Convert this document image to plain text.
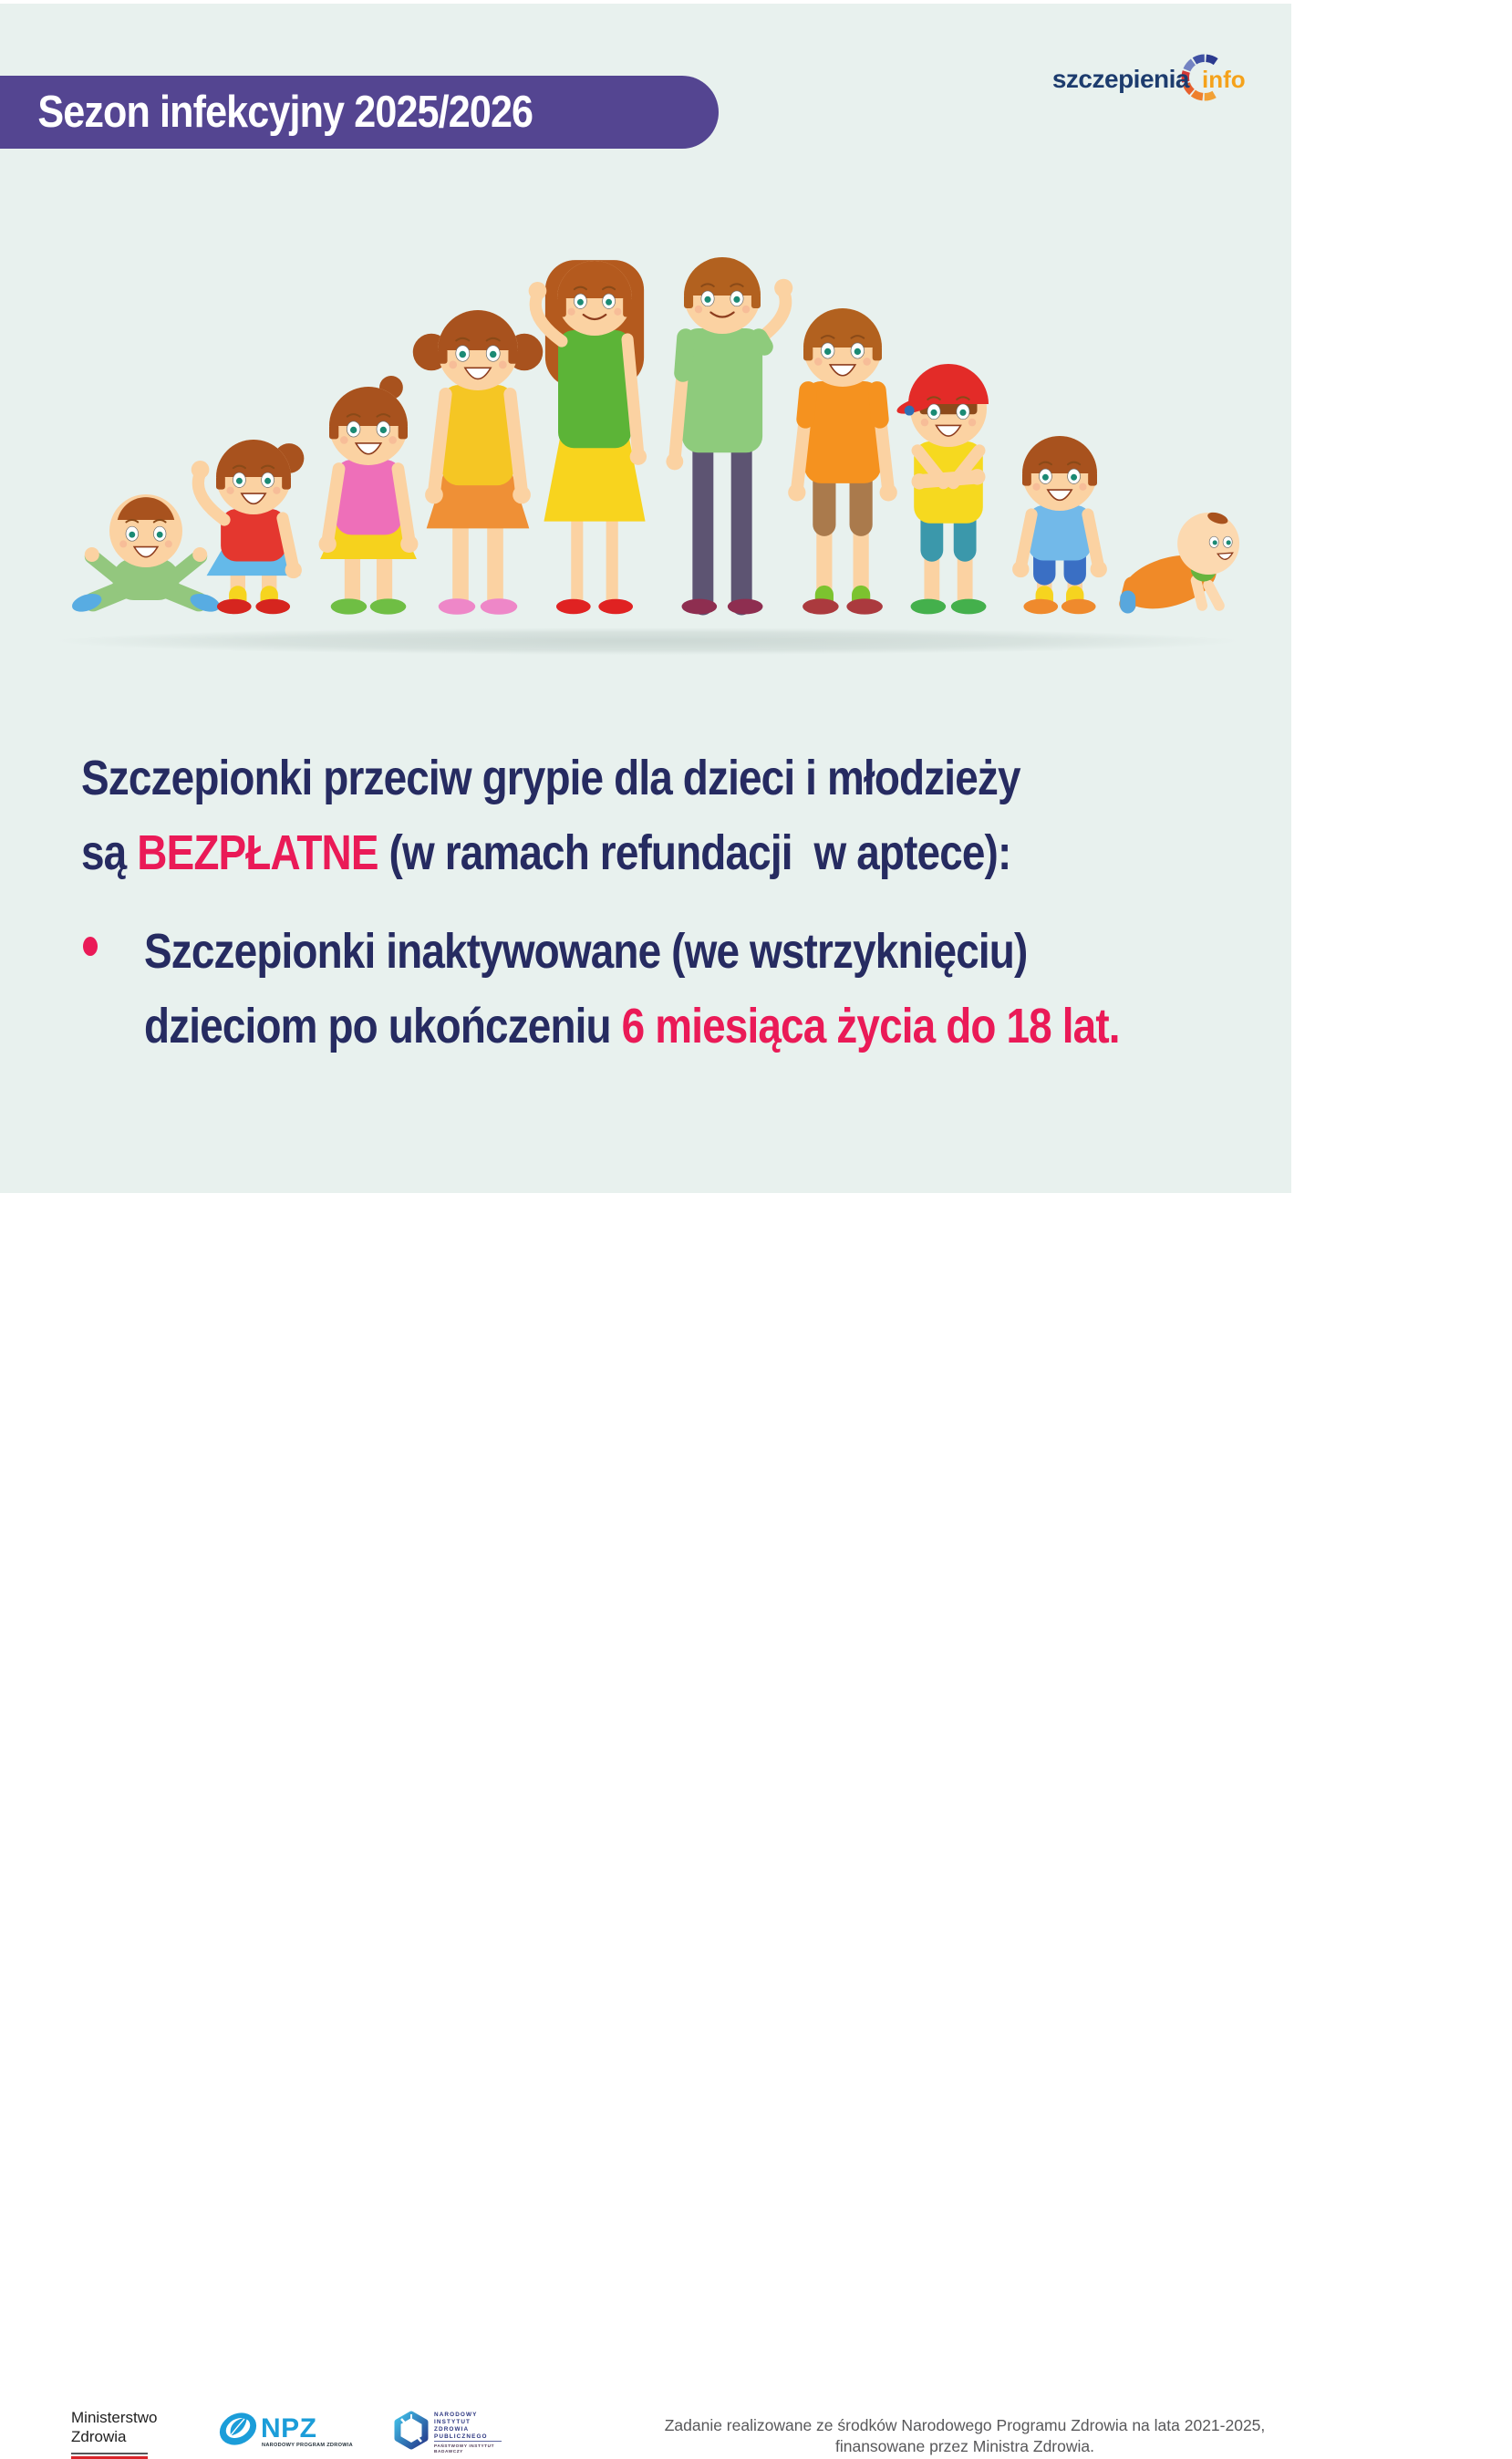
Sezon infekcyjny 2025/2026
szczepienia info
Szczepionki przeciw grypie dla dzieci i młodzieży
są BEZPŁATNE (w ramach refundacji  w aptece):
Szczepionki inaktywowane (we wstrzyknięciu)
dzieciom po ukończeniu 6 miesiąca życia do 18 lat.
Ministerstwo
Zdrowia	NPZ
NARODOWY PROGRAM ZDROWIA
NARODOWY
INSTYTUT
ZDROWIA
PUBLICZNEGO
PAŃSTWOWY INSTYTUT
BADAWCZY
Zadanie realizowane ze środków Narodowego Programu Zdrowia na lata 2021-2025,
finansowane przez Ministra Zdrowia.
